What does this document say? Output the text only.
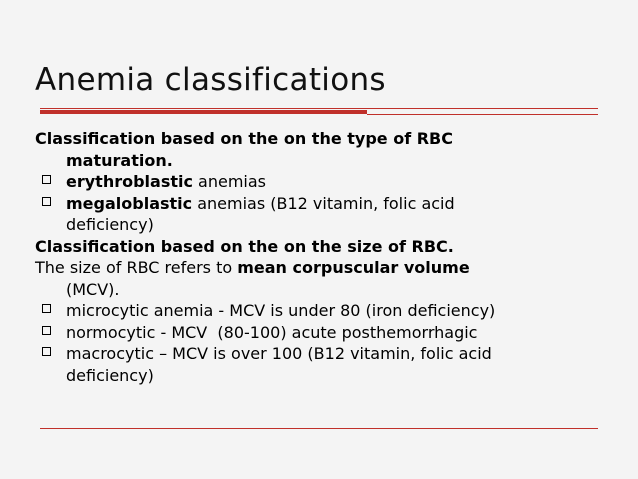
Anemia classifications
Classification based on the on the type of RBC
maturation.
erythroblastic anemias
megaloblastic anemias (B12 vitamin, folic acid
deficiency)
Classification based on the on the size of RBC.
The size of RBC refers to mean corpuscular volume
(MCV).
microcytic anemia - MCV is under 80 (iron deficiency)
normocytic - MCV  (80-100) acute posthemorrhagic
macrocytic – MCV is over 100 (B12 vitamin, folic acid
deficiency)
